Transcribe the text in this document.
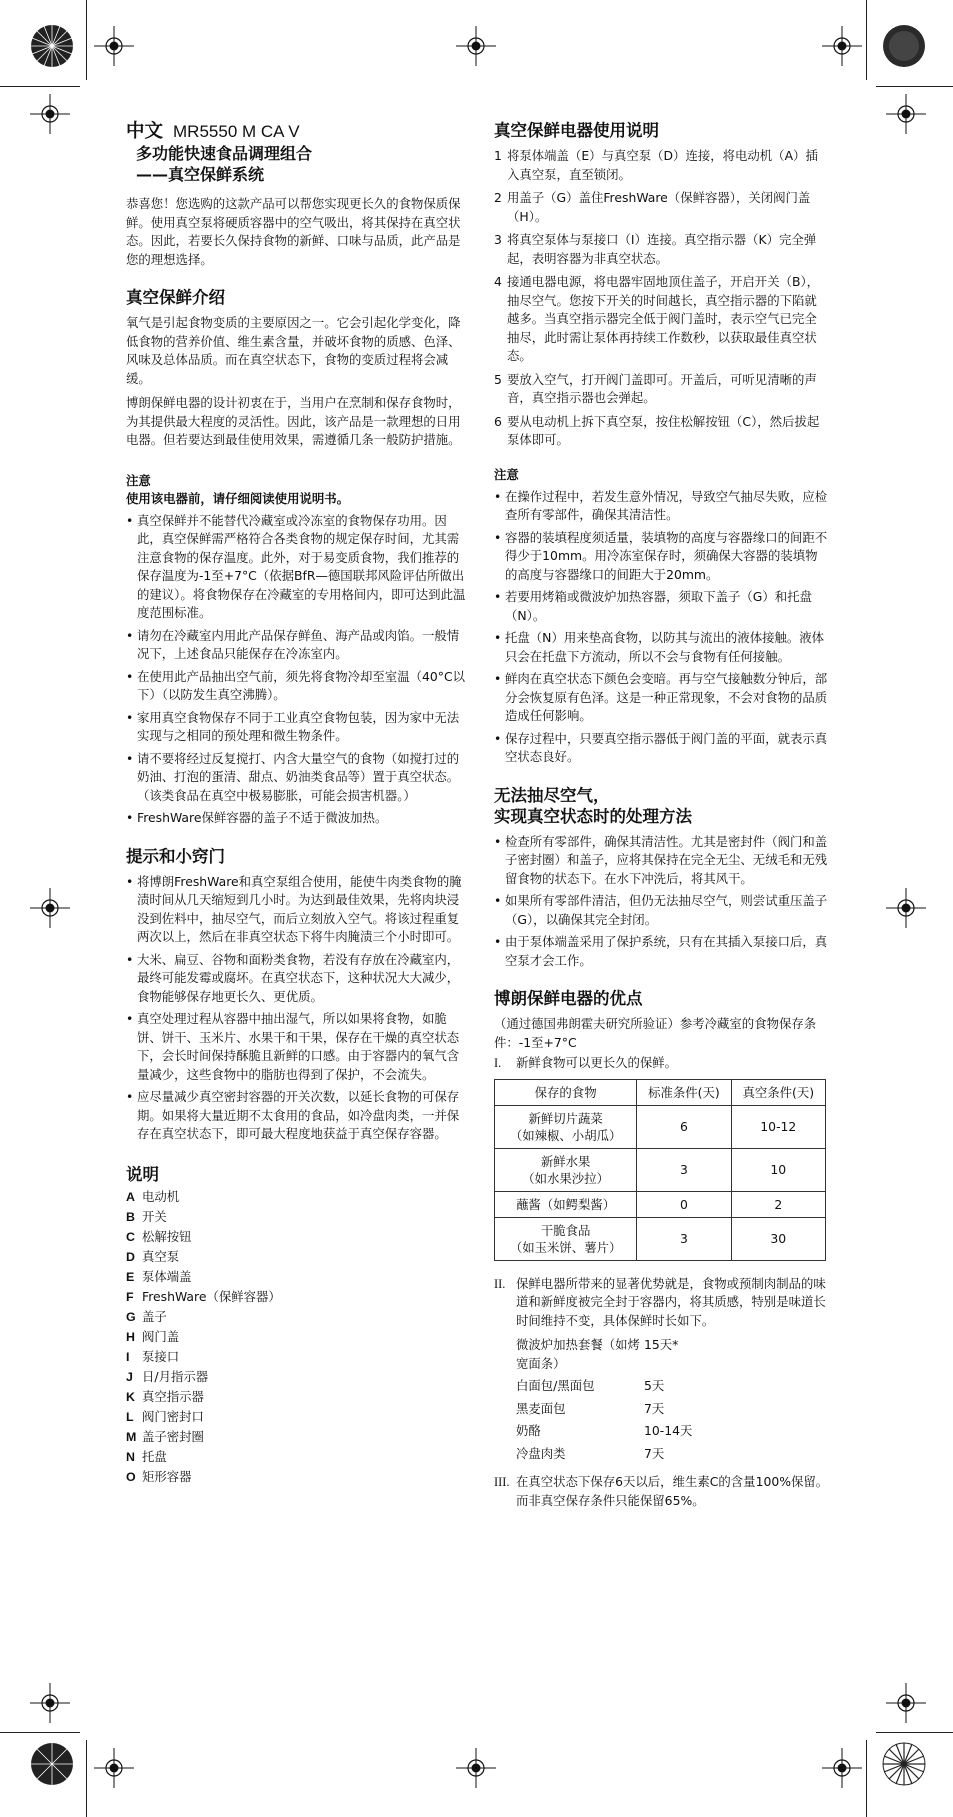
中文 MR5550 M CA V

多功能快速食品调理组合

——真空保鲜系统

恭喜您！您选购的这款产品可以帮您实现更长久的食物保质保鲜。使用真空泵将硬质容器中的空气吸出，将其保持在真空状态。因此，若要长久保持食物的新鲜、口味与品质，此产品是您的理想选择。

真空保鲜介绍

氧气是引起食物变质的主要原因之一。它会引起化学变化，降低食物的营养价值、维生素含量，并破坏食物的质感、色泽、风味及总体品质。而在真空状态下，食物的变质过程将会减缓。

博朗保鲜电器的设计初衷在于，当用户在烹制和保存食物时，为其提供最大程度的灵活性。因此，该产品是一款理想的日用电器。但若要达到最佳使用效果，需遵循几条一般防护措施。

注意

使用该电器前，请仔细阅读使用说明书。

• 真空保鲜并不能替代冷藏室或冷冻室的食物保存功用。因此，真空保鲜需严格符合各类食物的规定保存时间，尤其需注意食物的保存温度。此外，对于易变质食物，我们推荐的保存温度为-1至+7°C（依据BfR—德国联邦风险评估所做出的建议）。将食物保存在冷藏室的专用格间内，即可达到此温度范围标准。
• 请勿在冷藏室内用此产品保存鲜鱼、海产品或肉馅。一般情况下，上述食品只能保存在冷冻室内。
• 在使用此产品抽出空气前，须先将食物冷却至室温（40°C以下）（以防发生真空沸腾）。
• 家用真空食物保存不同于工业真空食物包装，因为家中无法实现与之相同的预处理和微生物条件。
• 请不要将经过反复搅打、内含大量空气的食物（如搅打过的奶油、打泡的蛋清、甜点、奶油类食品等）置于真空状态。（该类食品在真空中极易膨胀，可能会损害机器。）
• FreshWare保鲜容器的盖子不适于微波加热。
提示和小窍门
• 将博朗FreshWare和真空泵组合使用，能使牛肉类食物的腌渍时间从几天缩短到几小时。为达到最佳效果，先将肉块浸没到佐料中，抽尽空气，而后立刻放入空气。将该过程重复两次以上，然后在非真空状态下将牛肉腌渍三个小时即可。
• 大米、扁豆、谷物和面粉类食物，若没有存放在冷藏室内，最终可能发霉或腐坏。在真空状态下，这种状况大大减少，食物能够保存地更长久、更优质。
• 真空处理过程从容器中抽出湿气，所以如果将食物，如脆饼、饼干、玉米片、水果干和干果，保存在干燥的真空状态下，会长时间保持酥脆且新鲜的口感。由于容器内的氧气含量减少，这些食物中的脂肪也得到了保护，不会流失。
• 应尽量减少真空密封容器的开关次数，以延长食物的可保存期。如果将大量近期不太食用的食品，如冷盘肉类，一并保存在真空状态下，即可最大程度地获益于真空保存容器。
说明
A 电动机
B 开关
C 松解按钮
D 真空泵
E 泵体端盖
F FreshWare（保鲜容器）
G 盖子
H 阀门盖
I 泵接口
J 日/月指示器
K 真空指示器
L 阀门密封口
M 盖子密封圈
N 托盘
O 矩形容器
真空保鲜电器使用说明
1 将泵体端盖（E）与真空泵（D）连接，将电动机（A）插入真空泵，直至锁闭。
2 用盖子（G）盖住FreshWare（保鲜容器），关闭阀门盖（H）。
3 将真空泵体与泵接口（I）连接。真空指示器（K）完全弹起，表明容器为非真空状态。
4 接通电器电源，将电器牢固地顶住盖子，开启开关（B），抽尽空气。您按下开关的时间越长，真空指示器的下陷就越多。当真空指示器完全低于阀门盖时，表示空气已完全抽尽，此时需让泵体再持续工作数秒，以获取最佳真空状态。
5 要放入空气，打开阀门盖即可。开盖后，可听见清晰的声音，真空指示器也会弹起。
6 要从电动机上拆下真空泵，按住松解按钮（C），然后拔起泵体即可。

注意

• 在操作过程中，若发生意外情况，导致空气抽尽失败，应检查所有零部件，确保其清洁性。
• 容器的装填程度须适量，装填物的高度与容器缘口的间距不得少于10mm。用冷冻室保存时，须确保大容器的装填物的高度与容器缘口的间距大于20mm。
• 若要用烤箱或微波炉加热容器，须取下盖子（G）和托盘（N）。
• 托盘（N）用来垫高食物，以防其与流出的液体接触。液体只会在托盘下方流动，所以不会与食物有任何接触。
• 鲜肉在真空状态下颜色会变暗。再与空气接触数分钟后，部分会恢复原有色泽。这是一种正常现象，不会对食物的品质造成任何影响。
• 保存过程中，只要真空指示器低于阀门盖的平面，就表示真空状态良好。
无法抽尽空气，
实现真空状态时的处理方法
• 检查所有零部件，确保其清洁性。尤其是密封件（阀门和盖子密封圈）和盖子，应将其保持在完全无尘、无绒毛和无残留食物的状态下。在水下冲洗后，将其风干。
• 如果所有零部件清洁，但仍无法抽尽空气，则尝试重压盖子（G），以确保其完全封闭。
• 由于泵体端盖采用了保护系统，只有在其插入泵接口后，真空泵才会工作。
博朗保鲜电器的优点

（通过德国弗朗霍夫研究所验证）参考冷藏室的食物保存条件：-1至+7°C

I. 新鲜食物可以更长久的保鲜。
保存的食物	标准条件(天)	真空条件(天)

新鲜切片蔬菜
（如辣椒、小胡瓜）	6	10-12

新鲜水果
（如水果沙拉）	3	10

蘸酱（如鳄梨酱）	0	2

干脆食品
（如玉米饼、薯片）	3	30
II. 保鲜电器所带来的显著优势就是，食物或预制肉制品的味道和新鲜度被完全封于容器内，将其质感，特别是味道长时间维持不变，具体保鲜时长如下。
微波炉加热套餐（如烤宽面条）
15天*
白面包/黑面包	5天
黑麦面包	7天
奶酪	10-14天
冷盘肉类	7天
III. 在真空状态下保存6天以后，维生素C的含量100%保留。而非真空保存条件只能保留65%。
